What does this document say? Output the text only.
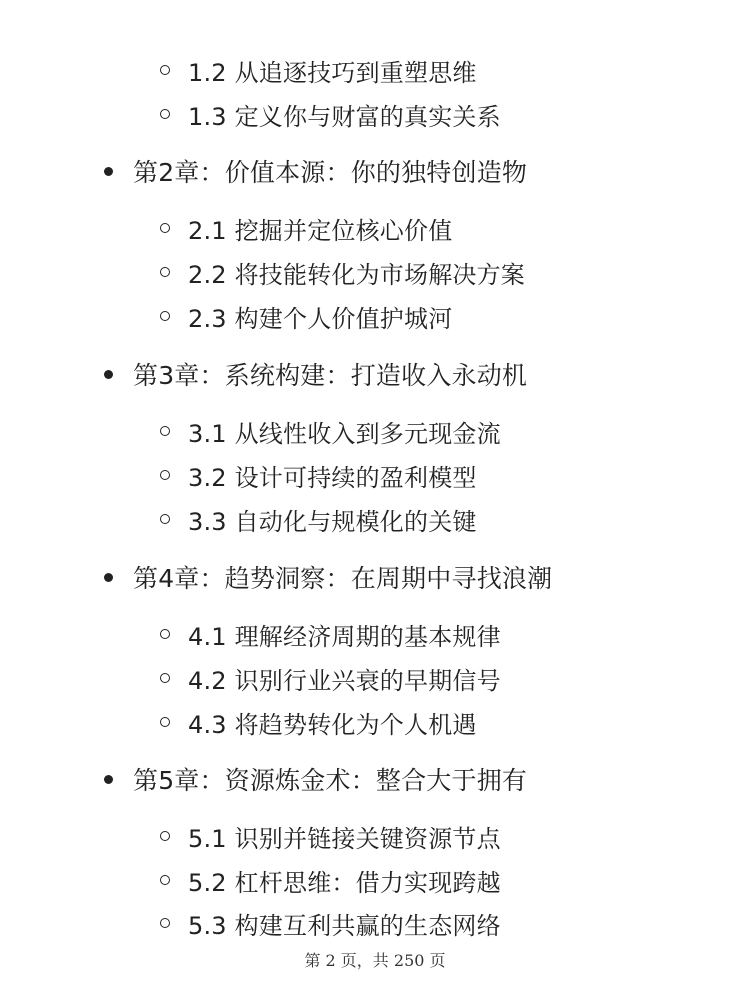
1.2 从追逐技巧到重塑思维
1.3 定义你与财富的真实关系
第2章：价值本源：你的独特创造物
2.1 挖掘并定位核心价值
2.2 将技能转化为市场解决方案
2.3 构建个人价值护城河
第3章：系统构建：打造收入永动机
3.1 从线性收入到多元现金流
3.2 设计可持续的盈利模型
3.3 自动化与规模化的关键
第4章：趋势洞察：在周期中寻找浪潮
4.1 理解经济周期的基本规律
4.2 识别行业兴衰的早期信号
4.3 将趋势转化为个人机遇
第5章：资源炼金术：整合大于拥有
5.1 识别并链接关键资源节点
5.2 杠杆思维：借力实现跨越
5.3 构建互利共赢的生态网络
第 2 页，共 250 页
